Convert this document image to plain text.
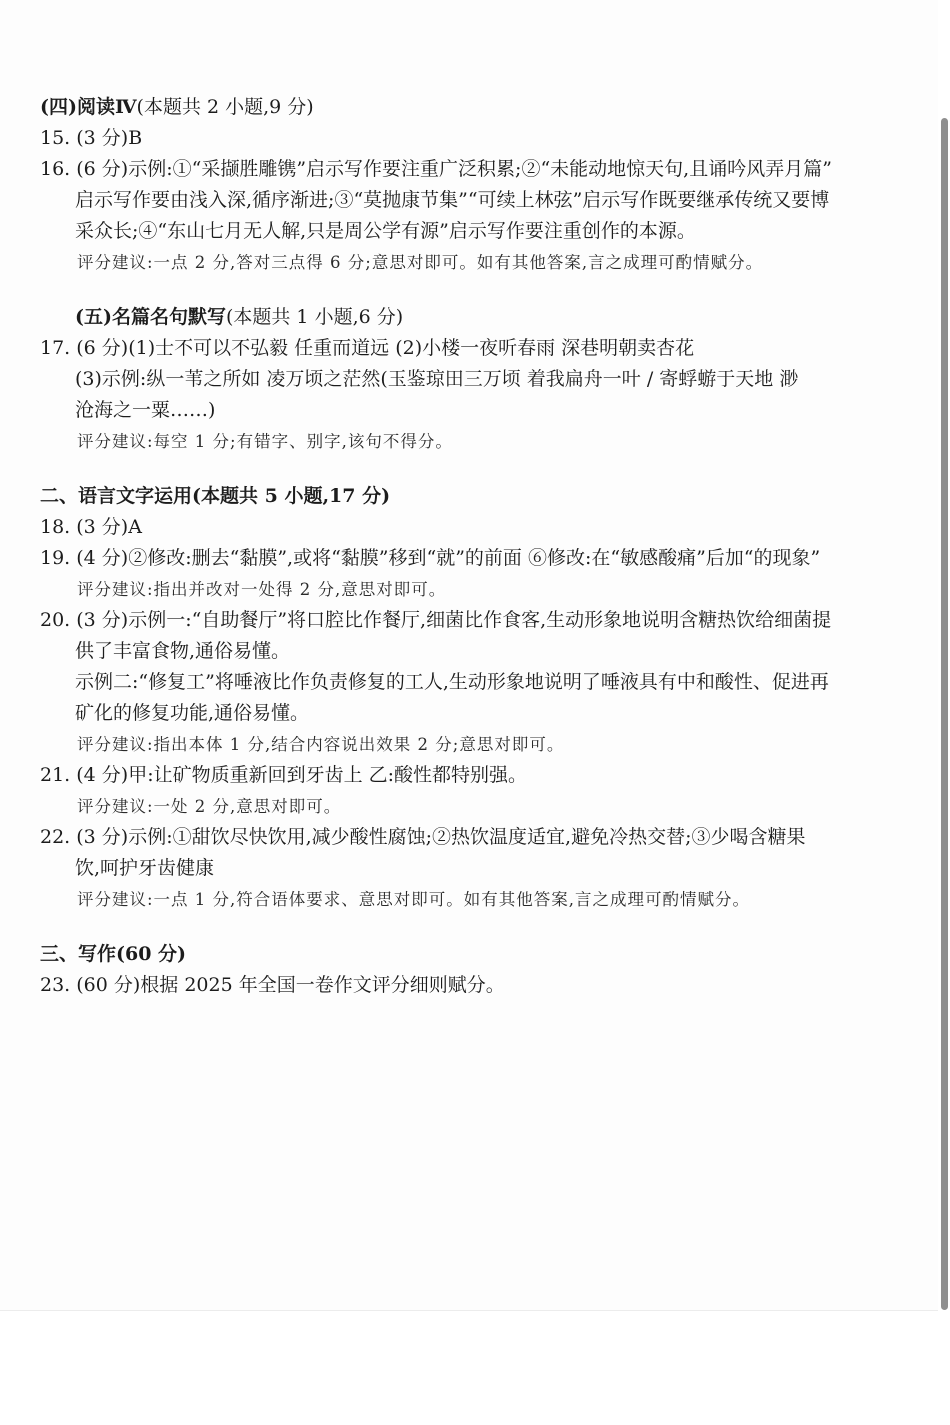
(四)阅读Ⅳ(本题共 2 小题,9 分)
15. (3 分)B
16. (6 分)示例:①“采撷胜雕镌”启示写作要注重广泛积累;②“未能动地惊天句,且诵吟风弄月篇”
启示写作要由浅入深,循序渐进;③“莫抛康节集”“可续上林弦”启示写作既要继承传统又要博
采众长;④“东山七月无人解,只是周公学有源”启示写作要注重创作的本源。
评分建议:一点 2 分,答对三点得 6 分;意思对即可。如有其他答案,言之成理可酌情赋分。
(五)名篇名句默写(本题共 1 小题,6 分)
17. (6 分)(1)士不可以不弘毅 任重而道远 (2)小楼一夜听春雨 深巷明朝卖杏花
(3)示例:纵一苇之所如 凌万顷之茫然(玉鉴琼田三万顷 着我扁舟一叶 / 寄蜉蝣于天地 渺
沧海之一粟……)
评分建议:每空 1 分;有错字、别字,该句不得分。
二、语言文字运用(本题共 5 小题,17 分)
18. (3 分)A
19. (4 分)②修改:删去“黏膜”,或将“黏膜”移到“就”的前面 ⑥修改:在“敏感酸痛”后加“的现象”
评分建议:指出并改对一处得 2 分,意思对即可。
20. (3 分)示例一:“自助餐厅”将口腔比作餐厅,细菌比作食客,生动形象地说明含糖热饮给细菌提
供了丰富食物,通俗易懂。
示例二:“修复工”将唾液比作负责修复的工人,生动形象地说明了唾液具有中和酸性、促进再
矿化的修复功能,通俗易懂。
评分建议:指出本体 1 分,结合内容说出效果 2 分;意思对即可。
21. (4 分)甲:让矿物质重新回到牙齿上 乙:酸性都特别强。
评分建议:一处 2 分,意思对即可。
22. (3 分)示例:①甜饮尽快饮用,减少酸性腐蚀;②热饮温度适宜,避免冷热交替;③少喝含糖果
饮,呵护牙齿健康
评分建议:一点 1 分,符合语体要求、意思对即可。如有其他答案,言之成理可酌情赋分。
三、写作(60 分)
23. (60 分)根据 2025 年全国一卷作文评分细则赋分。
